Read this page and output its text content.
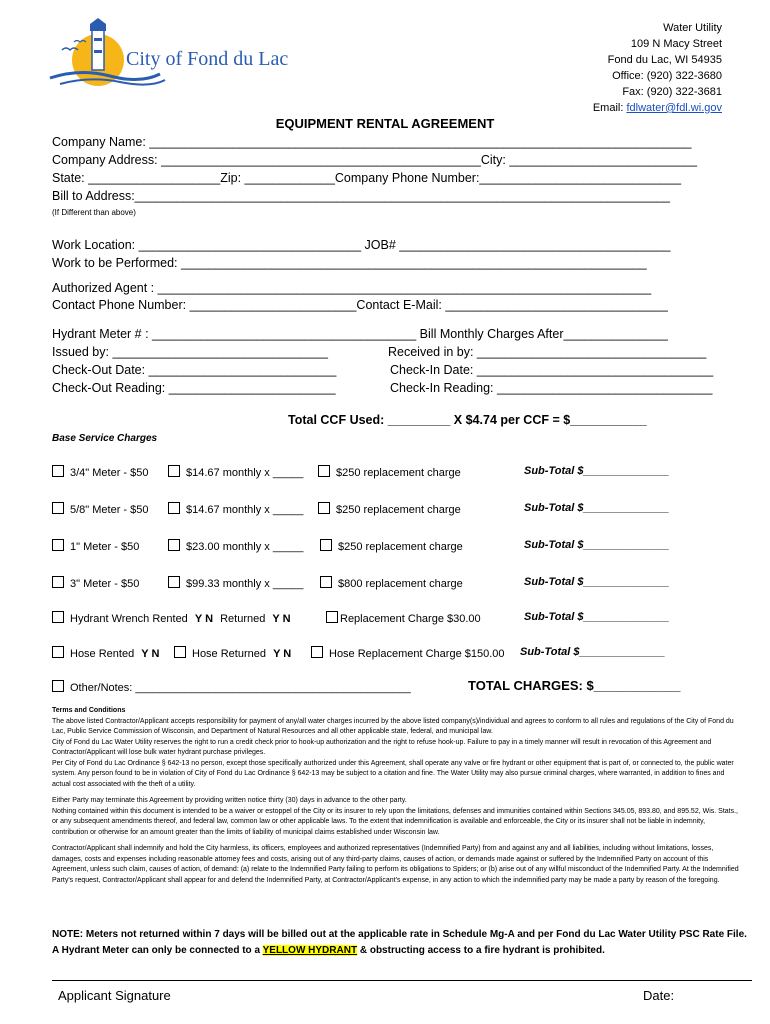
City of Fond du Lac
Water Utility
109 N Macy Street
Fond du Lac, WI 54935
Office: (920) 322-3680
Fax: (920) 322-3681
Email: fdlwater@fdl.wi.gov
EQUIPMENT RENTAL AGREEMENT
Company Name: ______________________________________________________________________________
Company Address: ______________________________________________City: ___________________________
State: ___________________Zip: _____________Company Phone Number:_____________________________
Bill to Address:_____________________________________________________________________________
(If Different than above)
Work Location: ________________________________ JOB# _______________________________________
Work to be Performed: ___________________________________________________________________
Authorized Agent : _______________________________________________________________________
Contact Phone Number: ________________________Contact E-Mail: ________________________________
Hydrant Meter # : ______________________________________ Bill Monthly Charges After_______________
Issued by: _______________________________	Received in by: _________________________________
Check-Out Date: ___________________________	Check-In Date: __________________________________
Check-Out Reading: ________________________	Check-In Reading: _______________________________
Total CCF Used: _________ X $4.74 per CCF = $___________
Base Service Charges
3/4" Meter - $50	$14.67 monthly x _____	$250 replacement charge	Sub-Total $______________
5/8" Meter - $50	$14.67 monthly x _____	$250 replacement charge	Sub-Total $______________
1" Meter - $50	$23.00 monthly x _____	$250 replacement charge	Sub-Total $______________
3" Meter - $50	$99.33 monthly x _____	$800 replacement charge	Sub-Total $______________
Hydrant Wrench Rented Y N Returned Y N	Replacement Charge $30.00	Sub-Total $______________
Hose Rented Y N	Hose Returned Y N	Hose Replacement Charge $150.00 Sub-Total $______________
Other/Notes: _____________________________________________	TOTAL CHARGES: $____________
Terms and Conditions
The above listed Contractor/Applicant accepts responsibility for payment of any/all water charges incurred by the above listed company(s)/individual and agrees to conform to all rules and regulations of the City of Fond du Lac, Public Service Commission of Wisconsin, and Department of Natural Resources and all other applicable state, federal, and municipal law.
City of Fond du Lac Water Utility reserves the right to run a credit check prior to hook-up authorization and the right to refuse hook-up. Failure to pay in a timely manner will result in revocation of this Agreement and Contractor/Applicant will lose bulk water hydrant purchase privileges.
Per City of Fond du Lac Ordinance § 642-13 no person, except those specifically authorized under this Agreement, shall operate any valve or fire hydrant or other equipment that is part of, or connected to, the public water system. Any person found to be in violation of City of Fond du Lac Ordinance § 642-13 may be subject to a citation and fine. The Water Utility may also pursue criminal charges, where warranted, in addition to fines and actual cost associated with the theft of a utility.
Either Party may terminate this Agreement by providing written notice thirty (30) days in advance to the other party.
Nothing contained within this document is intended to be a waiver or estoppel of the City or its insurer to rely upon the limitations, defenses and immunities contained within Sections 345.05, 893.80, and 895.52, Wis. Stats., or any subsequent amendments thereof, and federal law, common law or other applicable laws. To the extent that indemnification is available and enforceable, the City or its insurer shall not be liable in indemnity, contribution or otherwise for an amount greater than the limits of liability of municipal claims established under Wisconsin law.
Contractor/Applicant shall indemnify and hold the City harmless, its officers, employees and authorized representatives (Indemnified Party) from and against any and all liabilities, including without limitations, losses, damages, costs and expenses including reasonable attorney fees and costs, arising out of any third-party claims, causes of action, or demands made against or suffered by the Indemnified Party on account of this Agreement, unless such claim, causes of action, of demand: (a) relate to the Indemnified Party failing to perform its obligations to Spiders; or (b) arise out of any willful misconduct of the Indemnified Party. At the Indemnified Party's request, Contractor/Applicant shall appear for and defend the Indemnified Party, at Contractor/Applicant's expense, in any action to which the indemnified party may be made a party by reason of the foregoing.
NOTE: Meters not returned within 7 days will be billed out at the applicable rate in Schedule Mg-A and per Fond du Lac Water Utility PSC Rate File.
A Hydrant Meter can only be connected to a YELLOW HYDRANT & obstructing access to a fire hydrant is prohibited.
Applicant Signature	Date:
